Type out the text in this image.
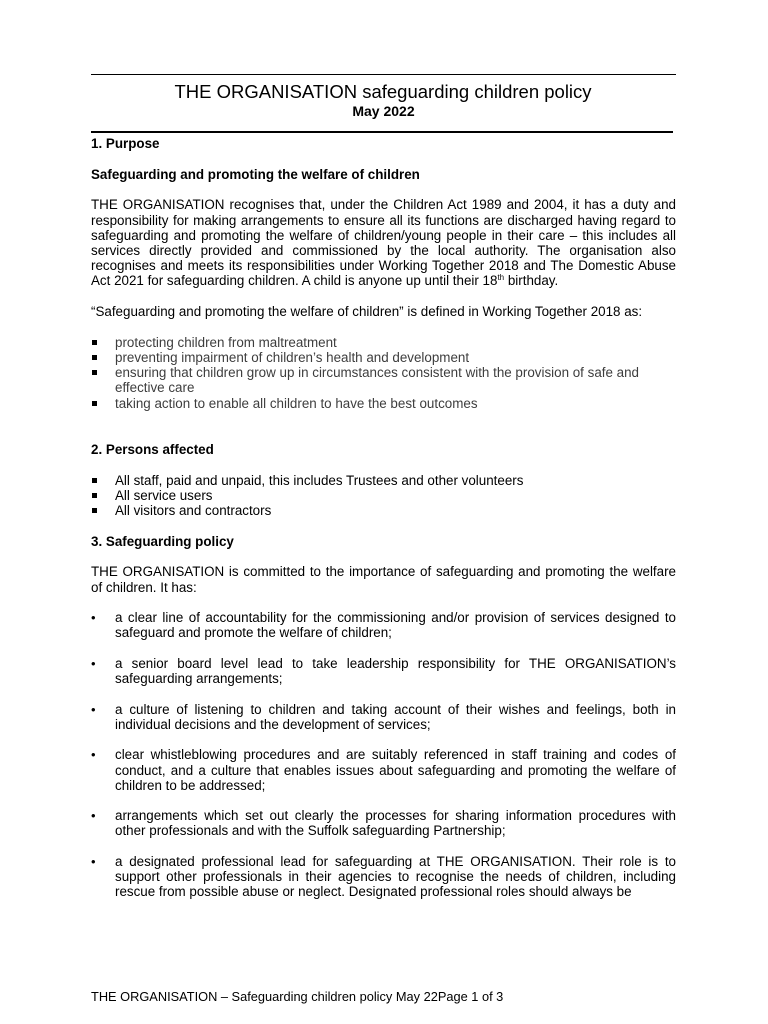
THE ORGANISATION safeguarding children policy
May 2022

1. Purpose

Safeguarding and promoting the welfare of children

THE ORGANISATION recognises that, under the Children Act 1989 and 2004, it has a duty and responsibility for making arrangements to ensure all its functions are discharged having regard to safeguarding and promoting the welfare of children/young people in their care – this includes all services directly provided and commissioned by the local authority. The organisation also recognises and meets its responsibilities under Working Together 2018 and The Domestic Abuse Act 2021 for safeguarding children. A child is anyone up until their 18th birthday.

“Safeguarding and promoting the welfare of children” is defined in Working Together 2018 as:

protecting children from maltreatment
preventing impairment of children’s health and development
ensuring that children grow up in circumstances consistent with the provision of safe and effective care
taking action to enable all children to have the best outcomes

2. Persons affected

All staff, paid and unpaid, this includes Trustees and other volunteers
All service users
All visitors and contractors

3. Safeguarding policy

THE ORGANISATION is committed to the importance of safeguarding and promoting the welfare of children. It has:

•	a clear line of accountability for the commissioning and/or provision of services designed to safeguard and promote the welfare of children;
•	a senior board level lead to take leadership responsibility for THE ORGANISATION’s safeguarding arrangements;
•	a culture of listening to children and taking account of their wishes and feelings, both in individual decisions and the development of services;
•	clear whistleblowing procedures and are suitably referenced in staff training and codes of conduct, and a culture that enables issues about safeguarding and promoting the welfare of children to be addressed;
•	arrangements which set out clearly the processes for sharing information procedures with other professionals and with the Suffolk safeguarding Partnership;
•	a designated professional lead for safeguarding at THE ORGANISATION. Their role is to support other professionals in their agencies to recognise the needs of children, including rescue from possible abuse or neglect. Designated professional roles should always be
THE ORGANISATION – Safeguarding children policy May 22Page 1 of 3
